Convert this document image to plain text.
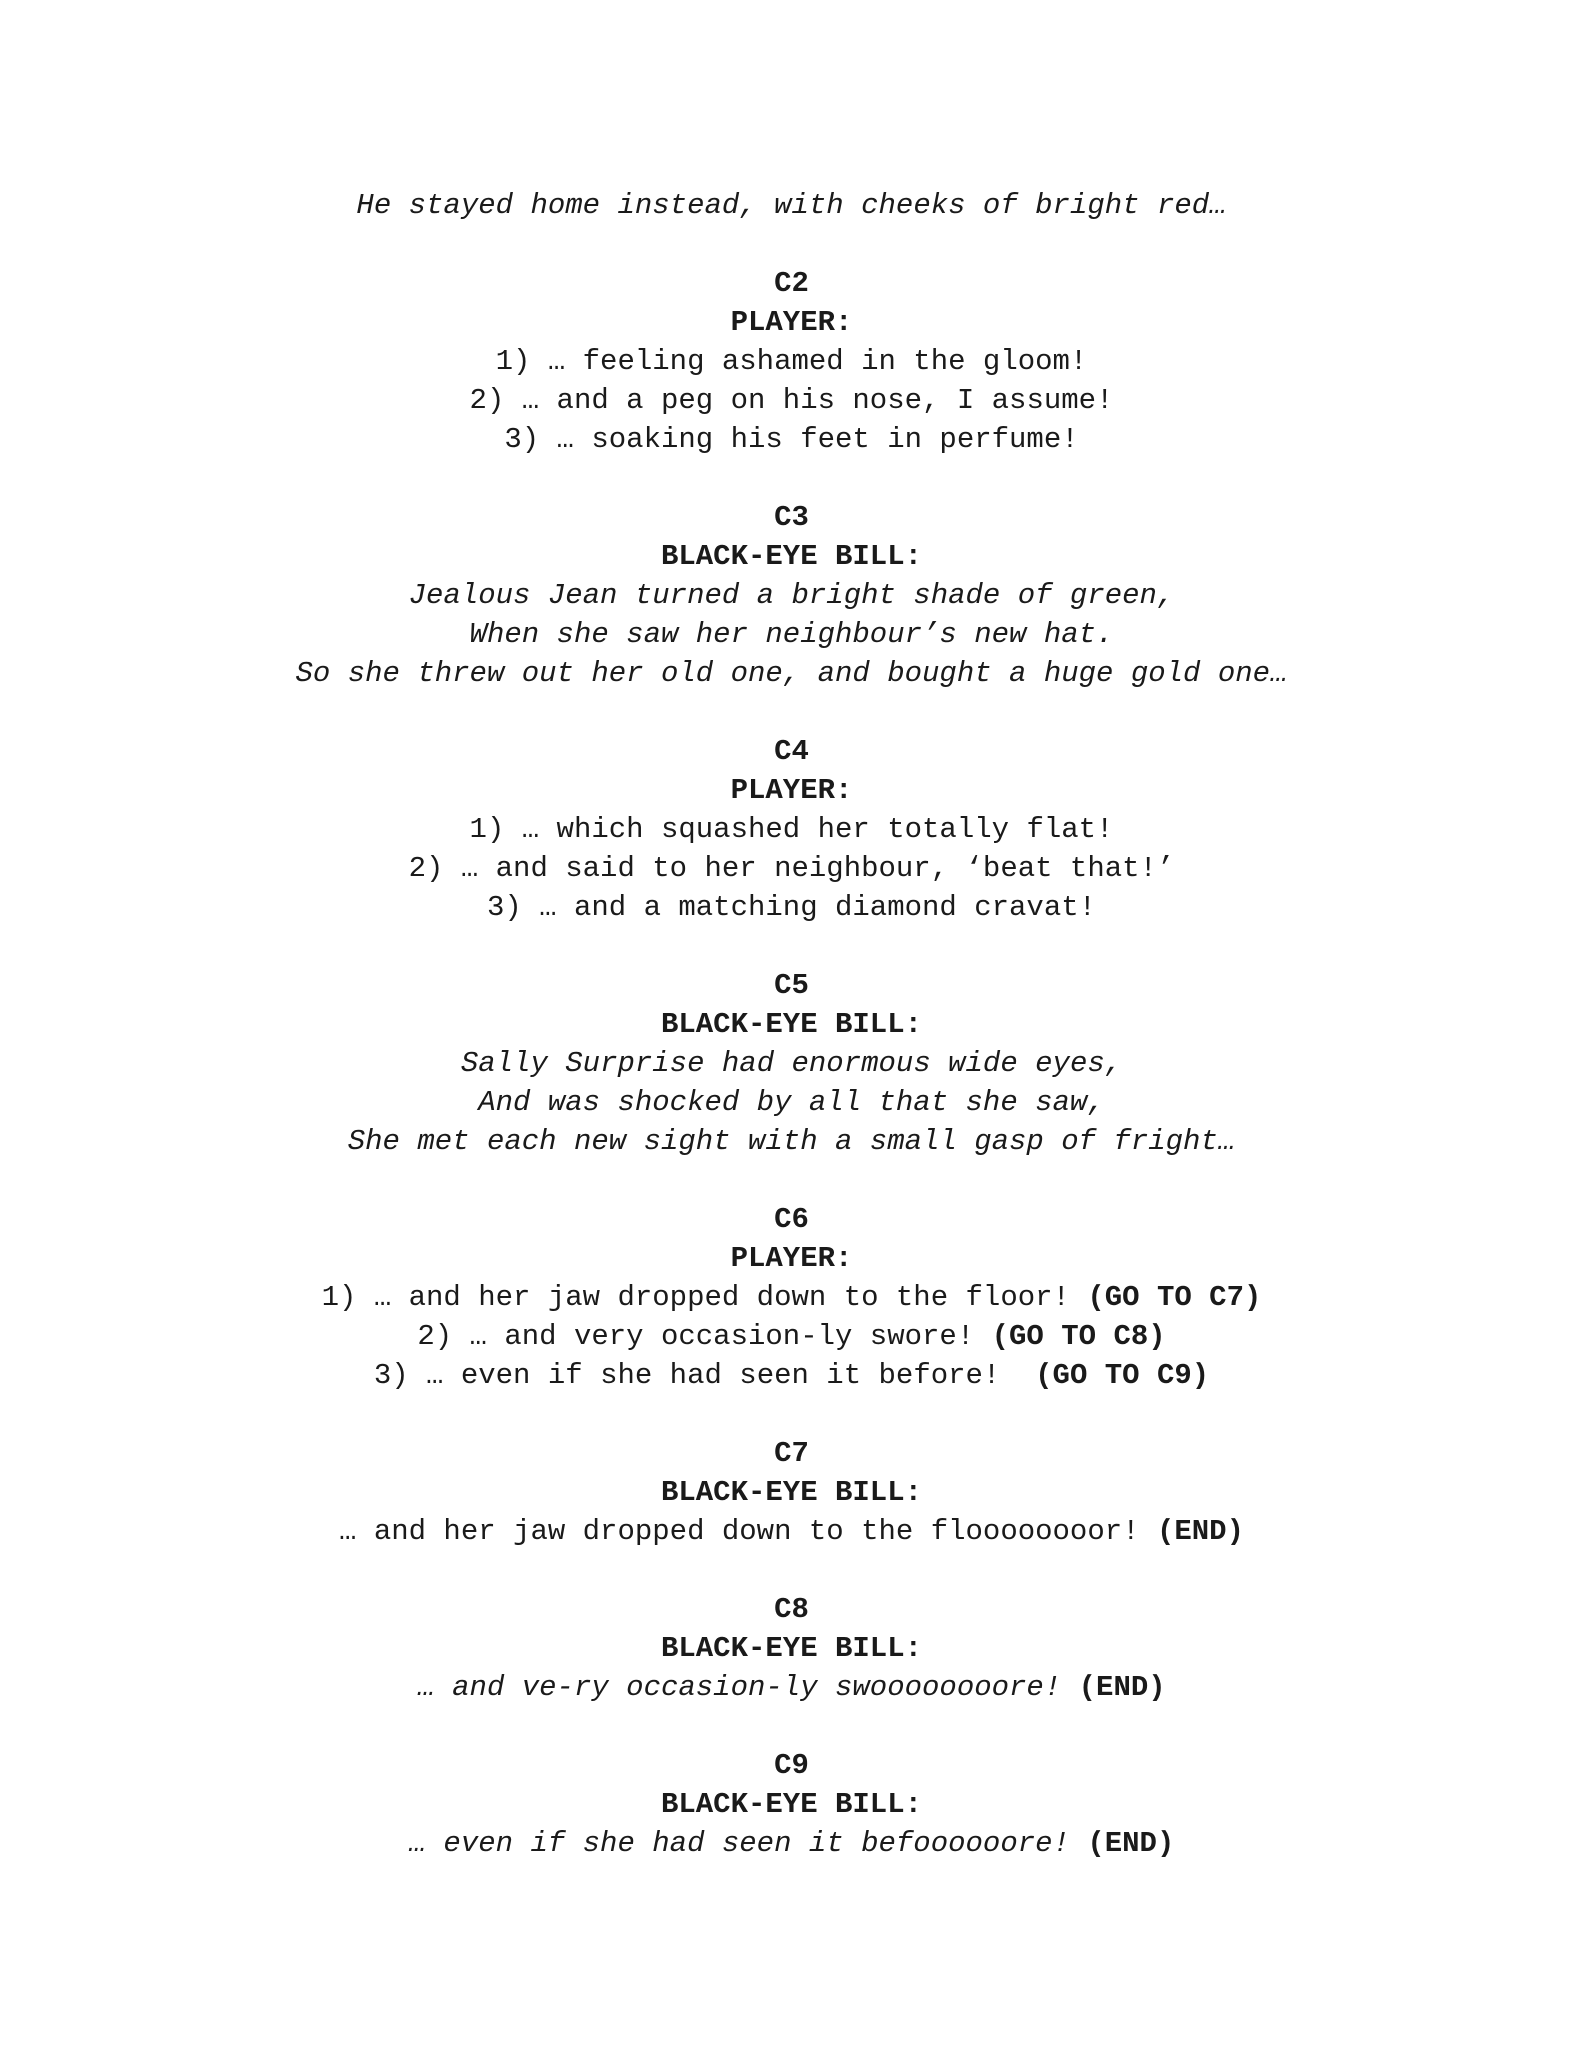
He stayed home instead, with cheeks of bright red…
C2
PLAYER:
1) … feeling ashamed in the gloom!
2) … and a peg on his nose, I assume!
3) … soaking his feet in perfume!
C3
BLACK-EYE BILL:
Jealous Jean turned a bright shade of green,
When she saw her neighbour’s new hat.
So she threw out her old one, and bought a huge gold one…
C4
PLAYER:
1) … which squashed her totally flat!
2) … and said to her neighbour, ‘beat that!’
3) … and a matching diamond cravat!
C5
BLACK-EYE BILL:
Sally Surprise had enormous wide eyes,
And was shocked by all that she saw,
She met each new sight with a small gasp of fright…
C6
PLAYER:
1) … and her jaw dropped down to the floor! (GO TO C7)
2) … and very occasion-ly swore! (GO TO C8)
3) … even if she had seen it before!  (GO TO C9)
C7
BLACK-EYE BILL:
… and her jaw dropped down to the floooooooor! (END)
C8
BLACK-EYE BILL:
… and ve-ry occasion-ly swoooooooore! (END)
C9
BLACK-EYE BILL:
… even if she had seen it befoooooore! (END)
